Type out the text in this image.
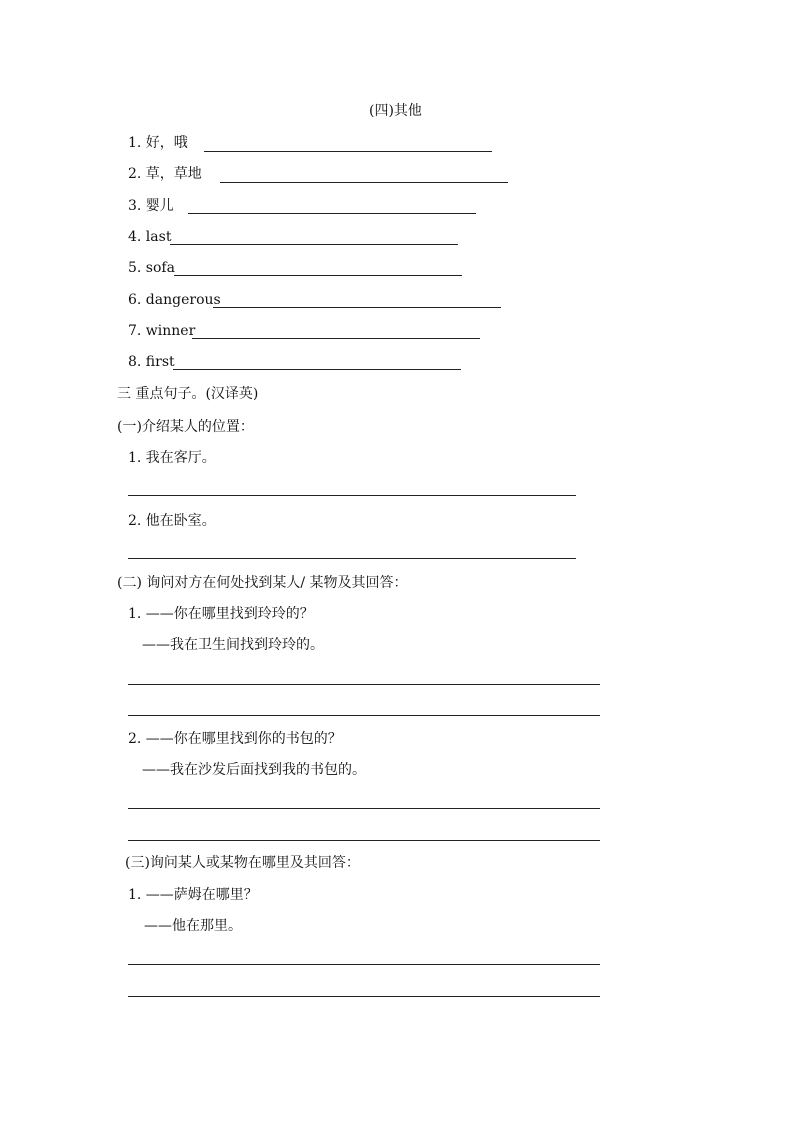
(四)其他
1. 好，哦
2. 草，草地
3. 婴儿
4. last
5. sofa
6. dangerous
7. winner
8. first
三 重点句子。(汉译英)
(一)介绍某人的位置：
1. 我在客厅。
2. 他在卧室。
(二) 询问对方在何处找到某人/ 某物及其回答：
1. ——你在哪里找到玲玲的？
——我在卫生间找到玲玲的。
2. ——你在哪里找到你的书包的？
——我在沙发后面找到我的书包的。
(三)询问某人或某物在哪里及其回答：
1. ——萨姆在哪里？
——他在那里。
